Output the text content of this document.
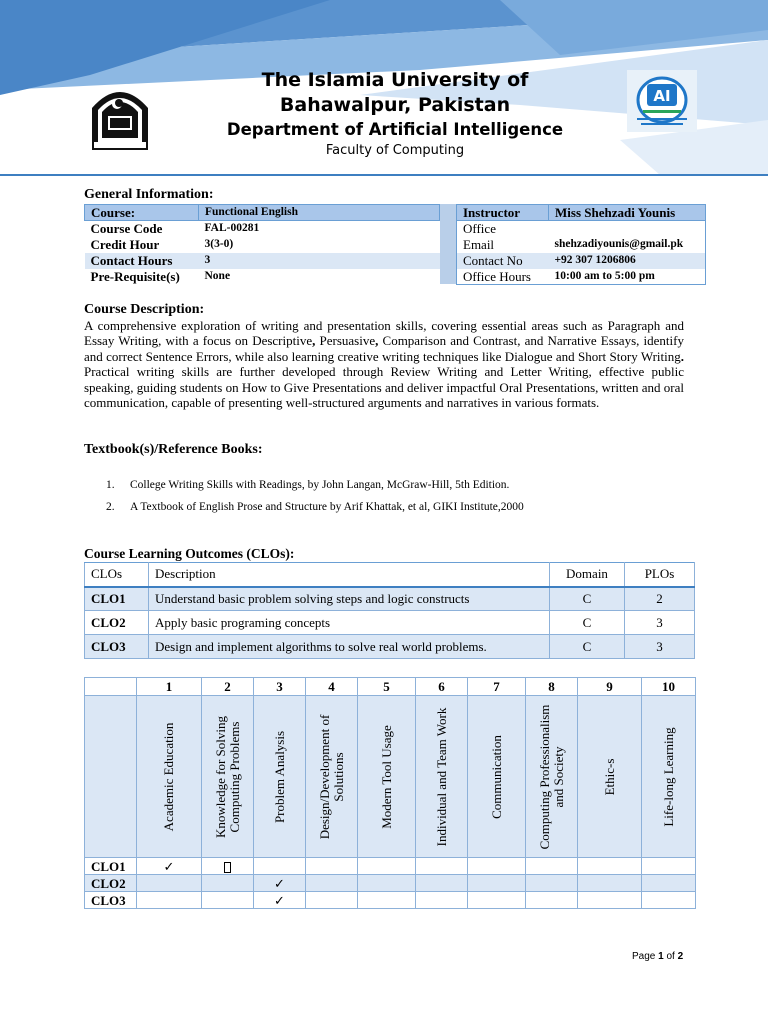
AI
The Islamia University of
Bahawalpur, Pakistan
Department of Artificial Intelligence
Faculty of Computing
General Information:
Course:	Functional English
Course Code	FAL-00281
Credit Hour	3(3-0)
Contact Hours	3
Pre-Requisite(s)	None
Instructor	Miss Shehzadi Younis
Office	
Email	shehzadiyounis@gmail.pk
Contact No	+92 307 1206806
Office Hours	10:00 am to 5:00 pm
Course Description:
A comprehensive exploration of writing and presentation skills, covering essential areas such as Paragraph and Essay Writing, with a focus on Descriptive, Persuasive, Comparison and Contrast, and Narrative Essays, identify and correct Sentence Errors, while also learning creative writing techniques like Dialogue and Short Story Writing. Practical writing skills are further developed through Review Writing and Letter Writing, effective public speaking, guiding students on How to Give Presentations and deliver impactful Oral Presentations, written and oral communication, capable of presenting well-structured arguments and narratives in various formats.
Textbook(s)/Reference Books:
1.	College Writing Skills with Readings, by John Langan, McGraw-Hill, 5th Edition.
2.	A Textbook of English Prose and Structure by Arif Khattak, et al, GIKI Institute,2000
Course Learning Outcomes (CLOs):
CLOs	Description	Domain	PLOs
CLO1	Understand basic problem solving steps and logic constructs	C	2
CLO2	Apply basic programing concepts	C	3
CLO3	Design and implement algorithms to solve real world problems.	C	3
	1	2	3	4	5	6	7	8	9	10

	Academic Education	Knowledge for Solving Computing Problems	Problem Analysis	Design/Development of Solutions	Modern Tool Usage	Individual and Team Work	Communication	Computing Professionalism and Society	Ethic-s	Life-long Learning

CLO1	✓									
CLO2			✓							
CLO3			✓							
Page 1 of 2
